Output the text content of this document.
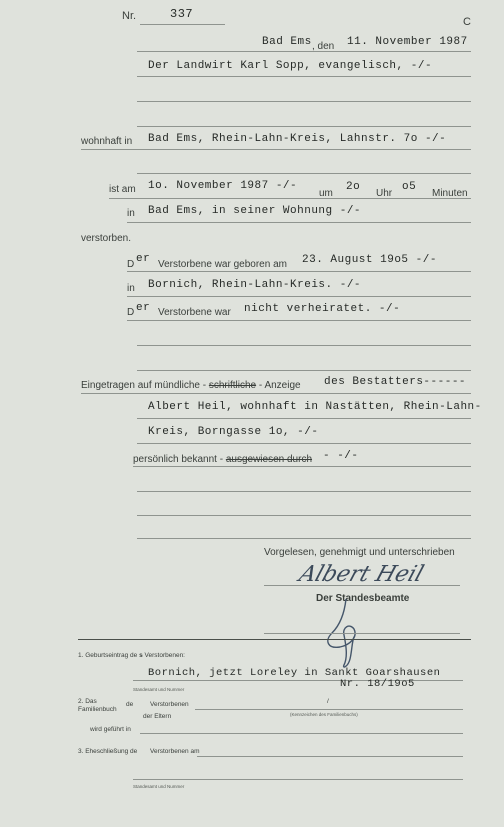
Nr.	337
C
Bad Ems , den 11. November 1987
Der Landwirt Karl Sopp, evangelisch, -/-
wohnhaft in Bad Ems, Rhein-Lahn-Kreis, Lahnstr. 7o -/-
ist am 1o. November 1987 -/-
um
2o
Uhr
o5
Minuten
in Bad Ems, in seiner Wohnung -/-
verstorben.
D er Verstorbene war geboren am 23. August 19o5 -/-
in Bornich, Rhein-Lahn-Kreis. -/-
D er Verstorbene war nicht verheiratet. -/-
Eingetragen auf mündliche - schriftliche - Anzeige des Bestatters------
Albert Heil, wohnhaft in Nastätten, Rhein-Lahn-
Kreis, Borngasse 1o, -/-
persönlich bekannt - ausgewiesen durch - -/-
Vorgelesen, genehmigt und unterschrieben
Albert Heil
Der Standesbeamte
1. Geburtseintrag de s Verstorbenen:
Bornich, jetzt Loreley in Sankt Goarshausen
Nr. 18/19o5
Standesamt und Nummer
2. Das
Familienbuch
de	Verstorbenen
der Eltern
/
(Kennzeichen des Familienbuchs)
wird geführt in
3. Eheschließung de Verstorbenen am
Standesamt und Nummer
